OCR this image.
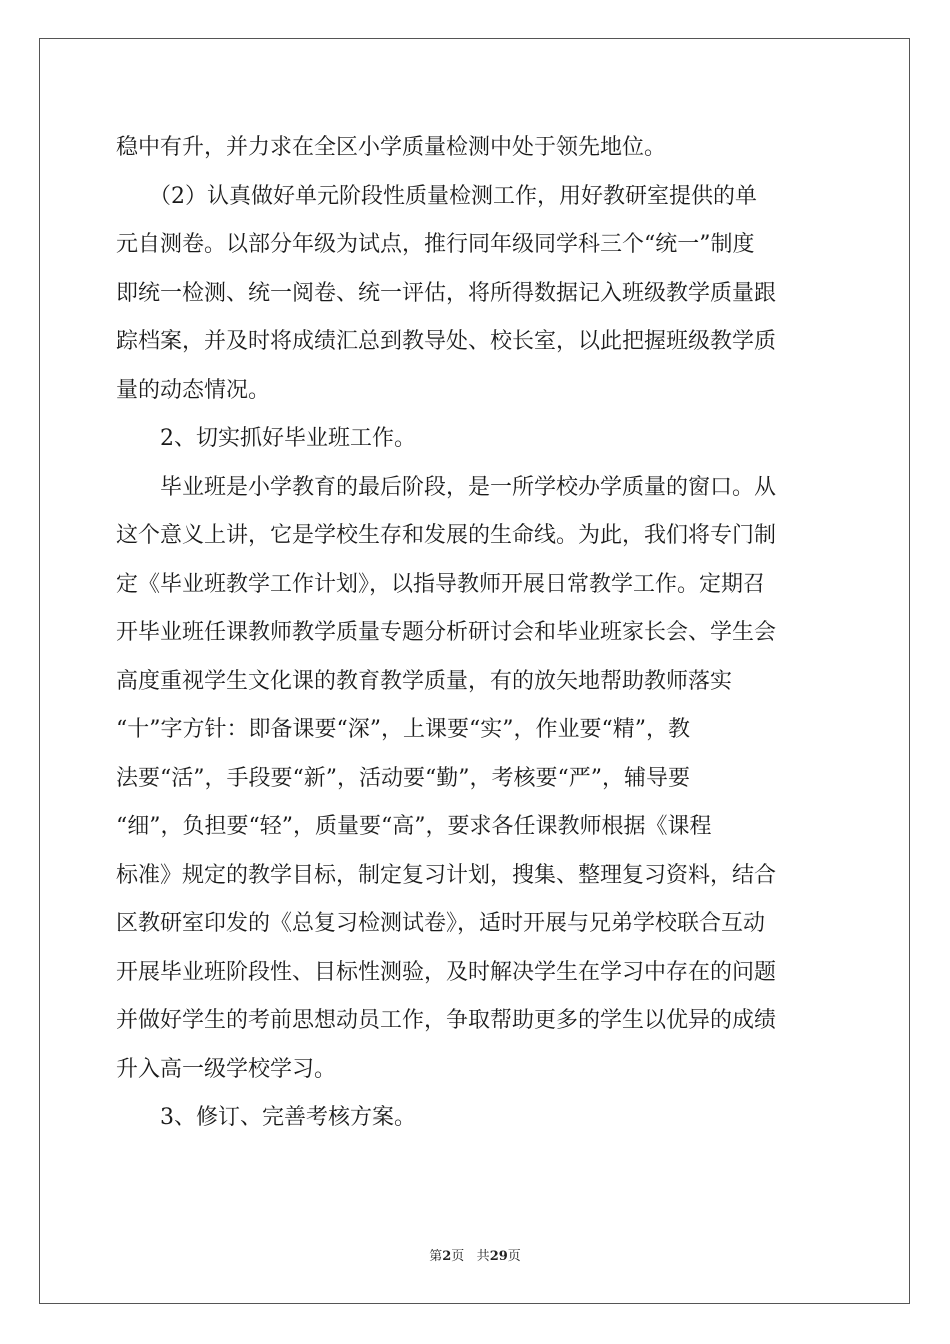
稳中有升，并力求在全区小学质量检测中处于领先地位。
　　（2）认真做好单元阶段性质量检测工作，用好教研室提供的单
元自测卷。以部分年级为试点，推行同年级同学科三个“统一”制度
即统一检测、统一阅卷、统一评估，将所得数据记入班级教学质量跟
踪档案，并及时将成绩汇总到教导处、校长室，以此把握班级教学质
量的动态情况。
　　2、切实抓好毕业班工作。
　　毕业班是小学教育的最后阶段，是一所学校办学质量的窗口。从
这个意义上讲，它是学校生存和发展的生命线。为此，我们将专门制
定《毕业班教学工作计划》，以指导教师开展日常教学工作。定期召
开毕业班任课教师教学质量专题分析研讨会和毕业班家长会、学生会
高度重视学生文化课的教育教学质量，有的放矢地帮助教师落实
“十”字方针：即备课要“深”，上课要“实”，作业要“精”，教
法要“活”，手段要“新”，活动要“勤”，考核要“严”，辅导要
“细”，负担要“轻”，质量要“高”，要求各任课教师根据《课程
标准》规定的教学目标，制定复习计划，搜集、整理复习资料，结合
区教研室印发的《总复习检测试卷》，适时开展与兄弟学校联合互动
开展毕业班阶段性、目标性测验，及时解决学生在学习中存在的问题
并做好学生的考前思想动员工作，争取帮助更多的学生以优异的成绩
升入高一级学校学习。
　　3、修订、完善考核方案。
第2页 共29页
